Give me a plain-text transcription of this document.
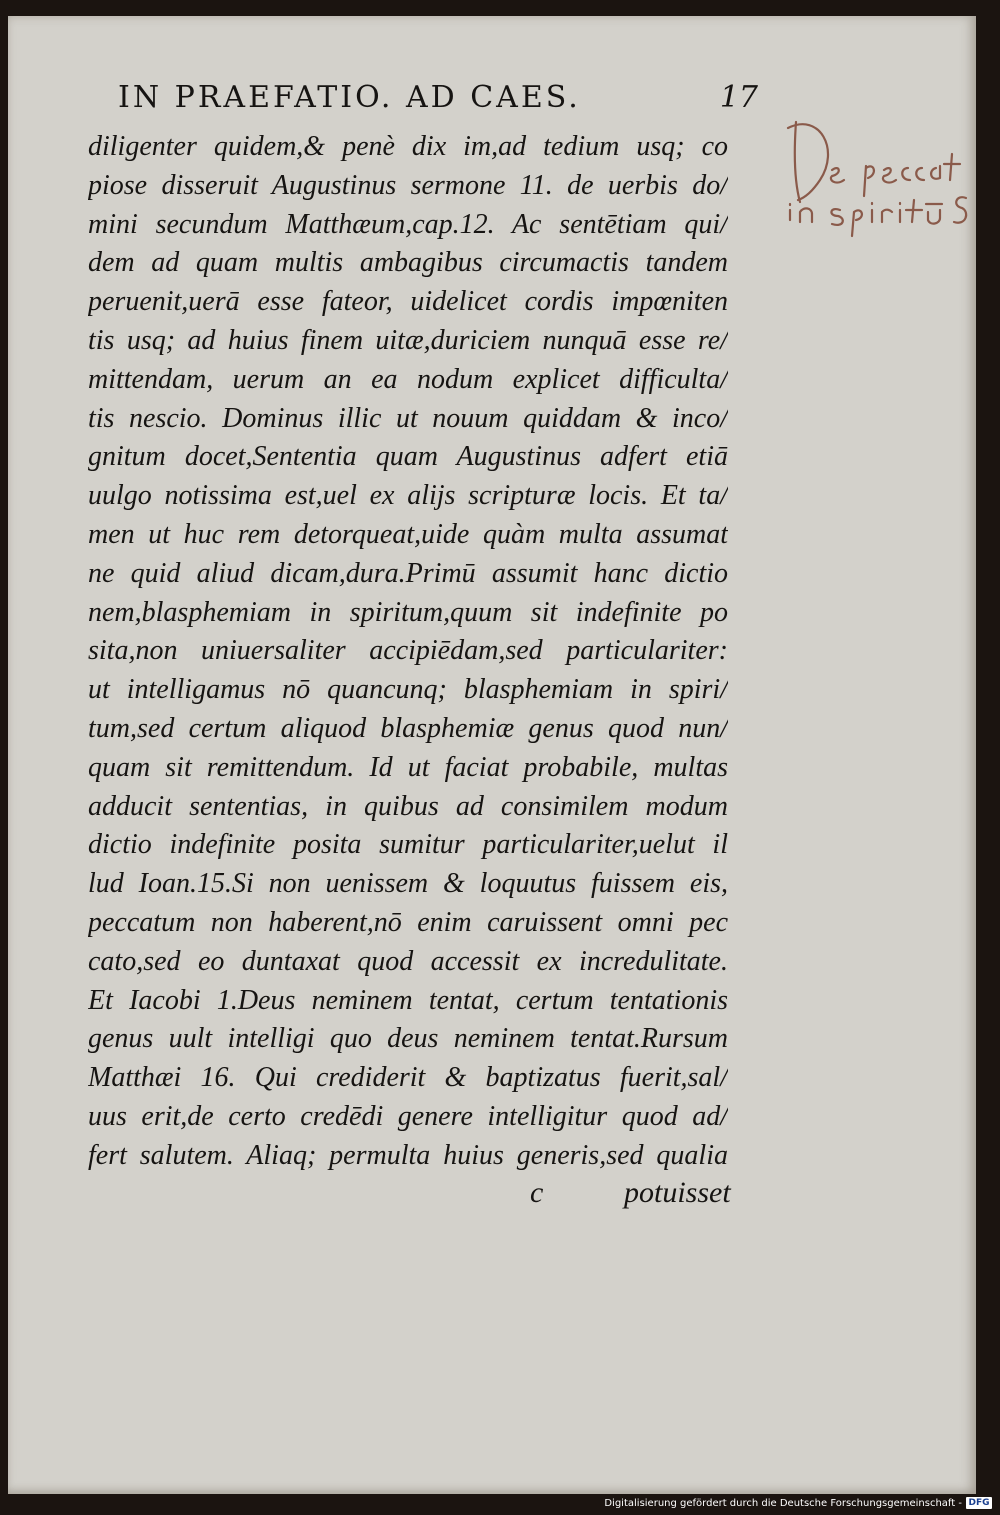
IN PRAEFATIO. AD CAES.	17
diligenter quidem,& penè dix im,ad tedium usq; co
piose disseruit Augustinus sermone 11. de uerbis do/
mini secundum Matthæum,cap.12. Ac sentētiam qui/
dem ad quam multis ambagibus circumactis tandem
peruenit,uerā esse fateor, uidelicet cordis impœniten
tis usq; ad huius finem uitæ,duriciem nunquā esse re/
mittendam, uerum an ea nodum explicet difficulta/
tis nescio. Dominus illic ut nouum quiddam & inco/
gnitum docet,Sententia quam Augustinus adfert etiā
uulgo notissima est,uel ex alijs scripturæ locis. Et ta/
men ut huc rem detorqueat,uide quàm multa assumat
ne quid aliud dicam,dura.Primū assumit hanc dictio
nem,blasphemiam in spiritum,quum sit indefinite po
sita,non uniuersaliter accipiēdam,sed particulariter:
ut intelligamus nō quancunq; blasphemiam in spiri/
tum,sed certum aliquod blasphemiæ genus quod nun/
quam sit remittendum. Id ut faciat probabile, multas
adducit sententias, in quibus ad consimilem modum
dictio indefinite posita sumitur particulariter,uelut il
lud Ioan.15.Si non uenissem & loquutus fuissem eis,
peccatum non haberent,nō enim caruissent omni pec
cato,sed eo duntaxat quod accessit ex incredulitate.
Et Iacobi 1.Deus neminem tentat, certum tentationis
genus uult intelligi quo deus neminem tentat.Rursum
Matthæi 16. Qui crediderit & baptizatus fuerit,sal/
uus erit,de certo credēdi genere intelligitur quod ad/
fert salutem. Aliaq; permulta huius generis,sed qualia
c	potuisset
Digitalisierung gefördert durch die Deutsche Forschungsgemeinschaft - DFG
